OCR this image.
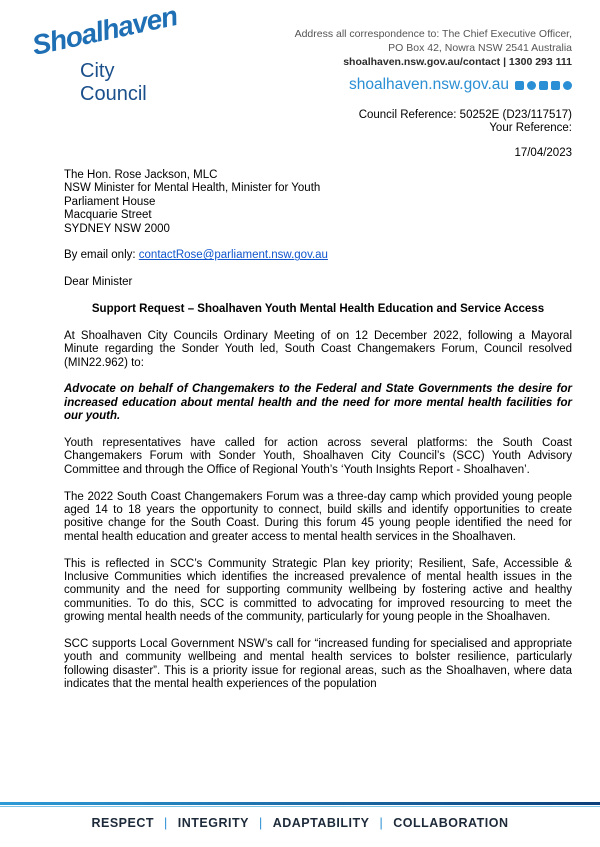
Shoalhaven
City Council
Address all correspondence to: The Chief Executive Officer,
PO Box 42, Nowra NSW 2541 Australia
shoalhaven.nsw.gov.au/contact | 1300 293 111
shoalhaven.nsw.gov.au
Council Reference: 50252E (D23/117517)
Your Reference:
17/04/2023

The Hon. Rose Jackson, MLC

NSW Minister for Mental Health, Minister for Youth

Parliament House

Macquarie Street

SYDNEY NSW 2000

By email only: contactRose@parliament.nsw.gov.au

Dear Minister

Support Request – Shoalhaven Youth Mental Health Education and Service Access

At Shoalhaven City Councils Ordinary Meeting of on 12 December 2022, following a Mayoral Minute regarding the Sonder Youth led, South Coast Changemakers Forum, Council resolved (MIN22.962) to:

Advocate on behalf of Changemakers to the Federal and State Governments the desire for increased education about mental health and the need for more mental health facilities for our youth.

Youth representatives have called for action across several platforms: the South Coast Changemakers Forum with Sonder Youth, Shoalhaven City Council’s (SCC) Youth Advisory Committee and through the Office of Regional Youth’s ‘Youth Insights Report - Shoalhaven’.

The 2022 South Coast Changemakers Forum was a three-day camp which provided young people aged 14 to 18 years the opportunity to connect, build skills and identify opportunities to create positive change for the South Coast. During this forum 45 young people identified the need for mental health education and greater access to mental health services in the Shoalhaven.

This is reflected in SCC’s Community Strategic Plan key priority; Resilient, Safe, Accessible & Inclusive Communities which identifies the increased prevalence of mental health issues in the community and the need for supporting community wellbeing by fostering active and healthy communities. To do this, SCC is committed to advocating for improved resourcing to meet the growing mental health needs of the community, particularly for young people in the Shoalhaven.

SCC supports Local Government NSW’s call for “increased funding for specialised and appropriate youth and community wellbeing and mental health services to bolster resilience, particularly following disaster”. This is a priority issue for regional areas, such as the Shoalhaven, where data indicates that the mental health experiences of the population

RESPECT | INTEGRITY | ADAPTABILITY | COLLABORATION
